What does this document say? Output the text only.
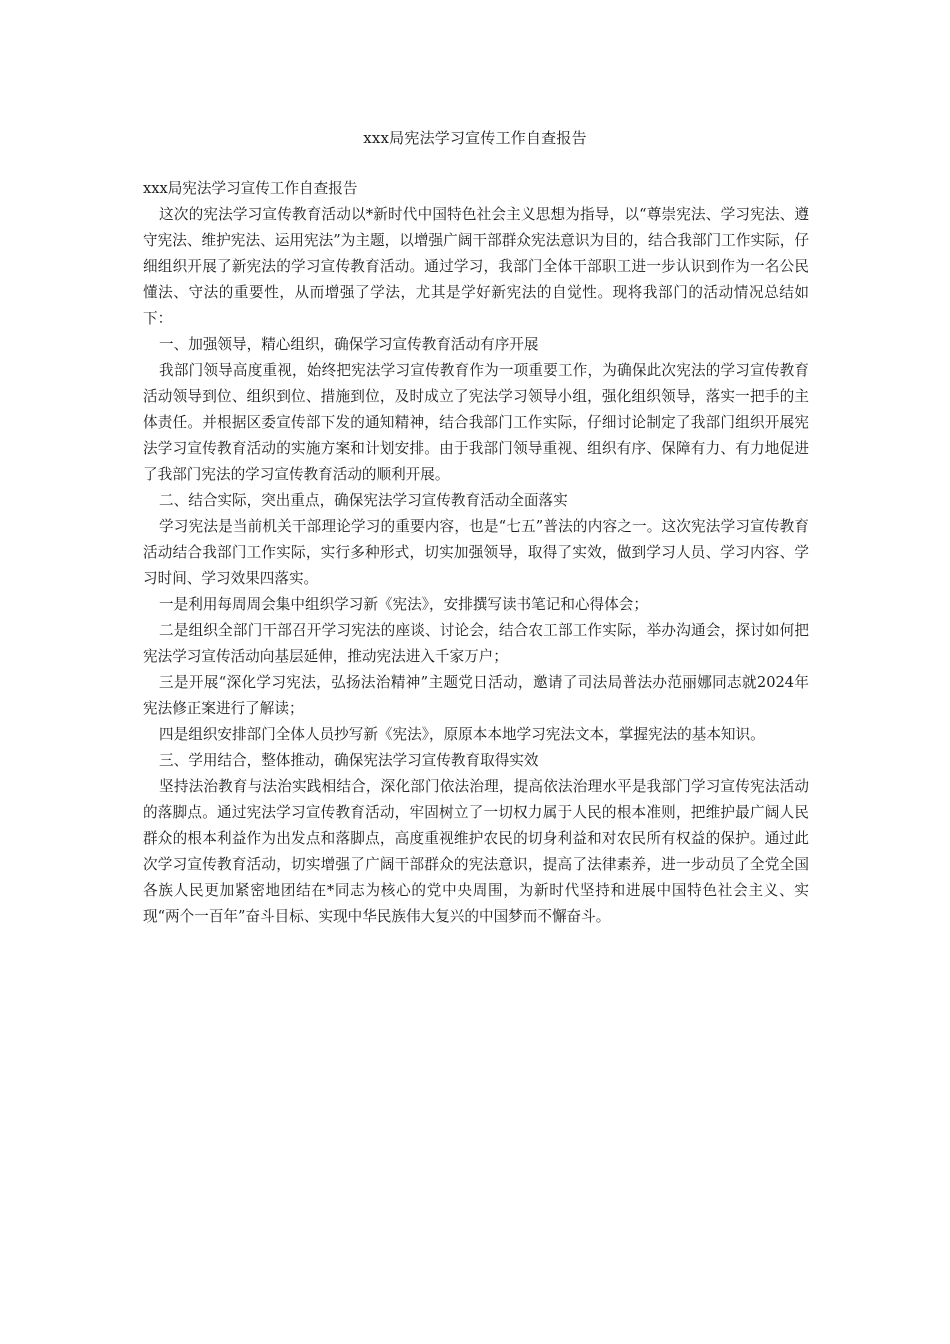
xxx局宪法学习宣传工作自查报告

xxx局宪法学习宣传工作自查报告

这次的宪法学习宣传教育活动以*新时代中国特色社会主义思想为指导，以“尊崇宪法、学习宪法、遵守宪法、维护宪法、运用宪法”为主题，以增强广阔干部群众宪法意识为目的，结合我部门工作实际，仔细组织开展了新宪法的学习宣传教育活动。通过学习，我部门全体干部职工进一步认识到作为一名公民懂法、守法的重要性，从而增强了学法，尤其是学好新宪法的自觉性。现将我部门的活动情况总结如下：

一、加强领导，精心组织，确保学习宣传教育活动有序开展

我部门领导高度重视，始终把宪法学习宣传教育作为一项重要工作，为确保此次宪法的学习宣传教育活动领导到位、组织到位、措施到位，及时成立了宪法学习领导小组，强化组织领导，落实一把手的主体责任。并根据区委宣传部下发的通知精神，结合我部门工作实际，仔细讨论制定了我部门组织开展宪法学习宣传教育活动的实施方案和计划安排。由于我部门领导重视、组织有序、保障有力、有力地促进了我部门宪法的学习宣传教育活动的顺利开展。

二、结合实际，突出重点，确保宪法学习宣传教育活动全面落实

学习宪法是当前机关干部理论学习的重要内容，也是“七五”普法的内容之一。这次宪法学习宣传教育活动结合我部门工作实际，实行多种形式，切实加强领导，取得了实效，做到学习人员、学习内容、学习时间、学习效果四落实。

一是利用每周周会集中组织学习新《宪法》，安排撰写读书笔记和心得体会；

二是组织全部门干部召开学习宪法的座谈、讨论会，结合农工部工作实际，举办沟通会，探讨如何把宪法学习宣传活动向基层延伸，推动宪法进入千家万户；

三是开展“深化学习宪法，弘扬法治精神”主题党日活动，邀请了司法局普法办范丽娜同志就2024年宪法修正案进行了解读；

四是组织安排部门全体人员抄写新《宪法》，原原本本地学习宪法文本，掌握宪法的基本知识。

三、学用结合，整体推动，确保宪法学习宣传教育取得实效

坚持法治教育与法治实践相结合，深化部门依法治理，提高依法治理水平是我部门学习宣传宪法活动的落脚点。通过宪法学习宣传教育活动，牢固树立了一切权力属于人民的根本准则，把维护最广阔人民群众的根本利益作为出发点和落脚点，高度重视维护农民的切身利益和对农民所有权益的保护。通过此次学习宣传教育活动，切实增强了广阔干部群众的宪法意识，提高了法律素养，进一步动员了全党全国各族人民更加紧密地团结在*同志为核心的党中央周围，为新时代坚持和进展中国特色社会主义、实现“两个一百年”奋斗目标、实现中华民族伟大复兴的中国梦而不懈奋斗。
